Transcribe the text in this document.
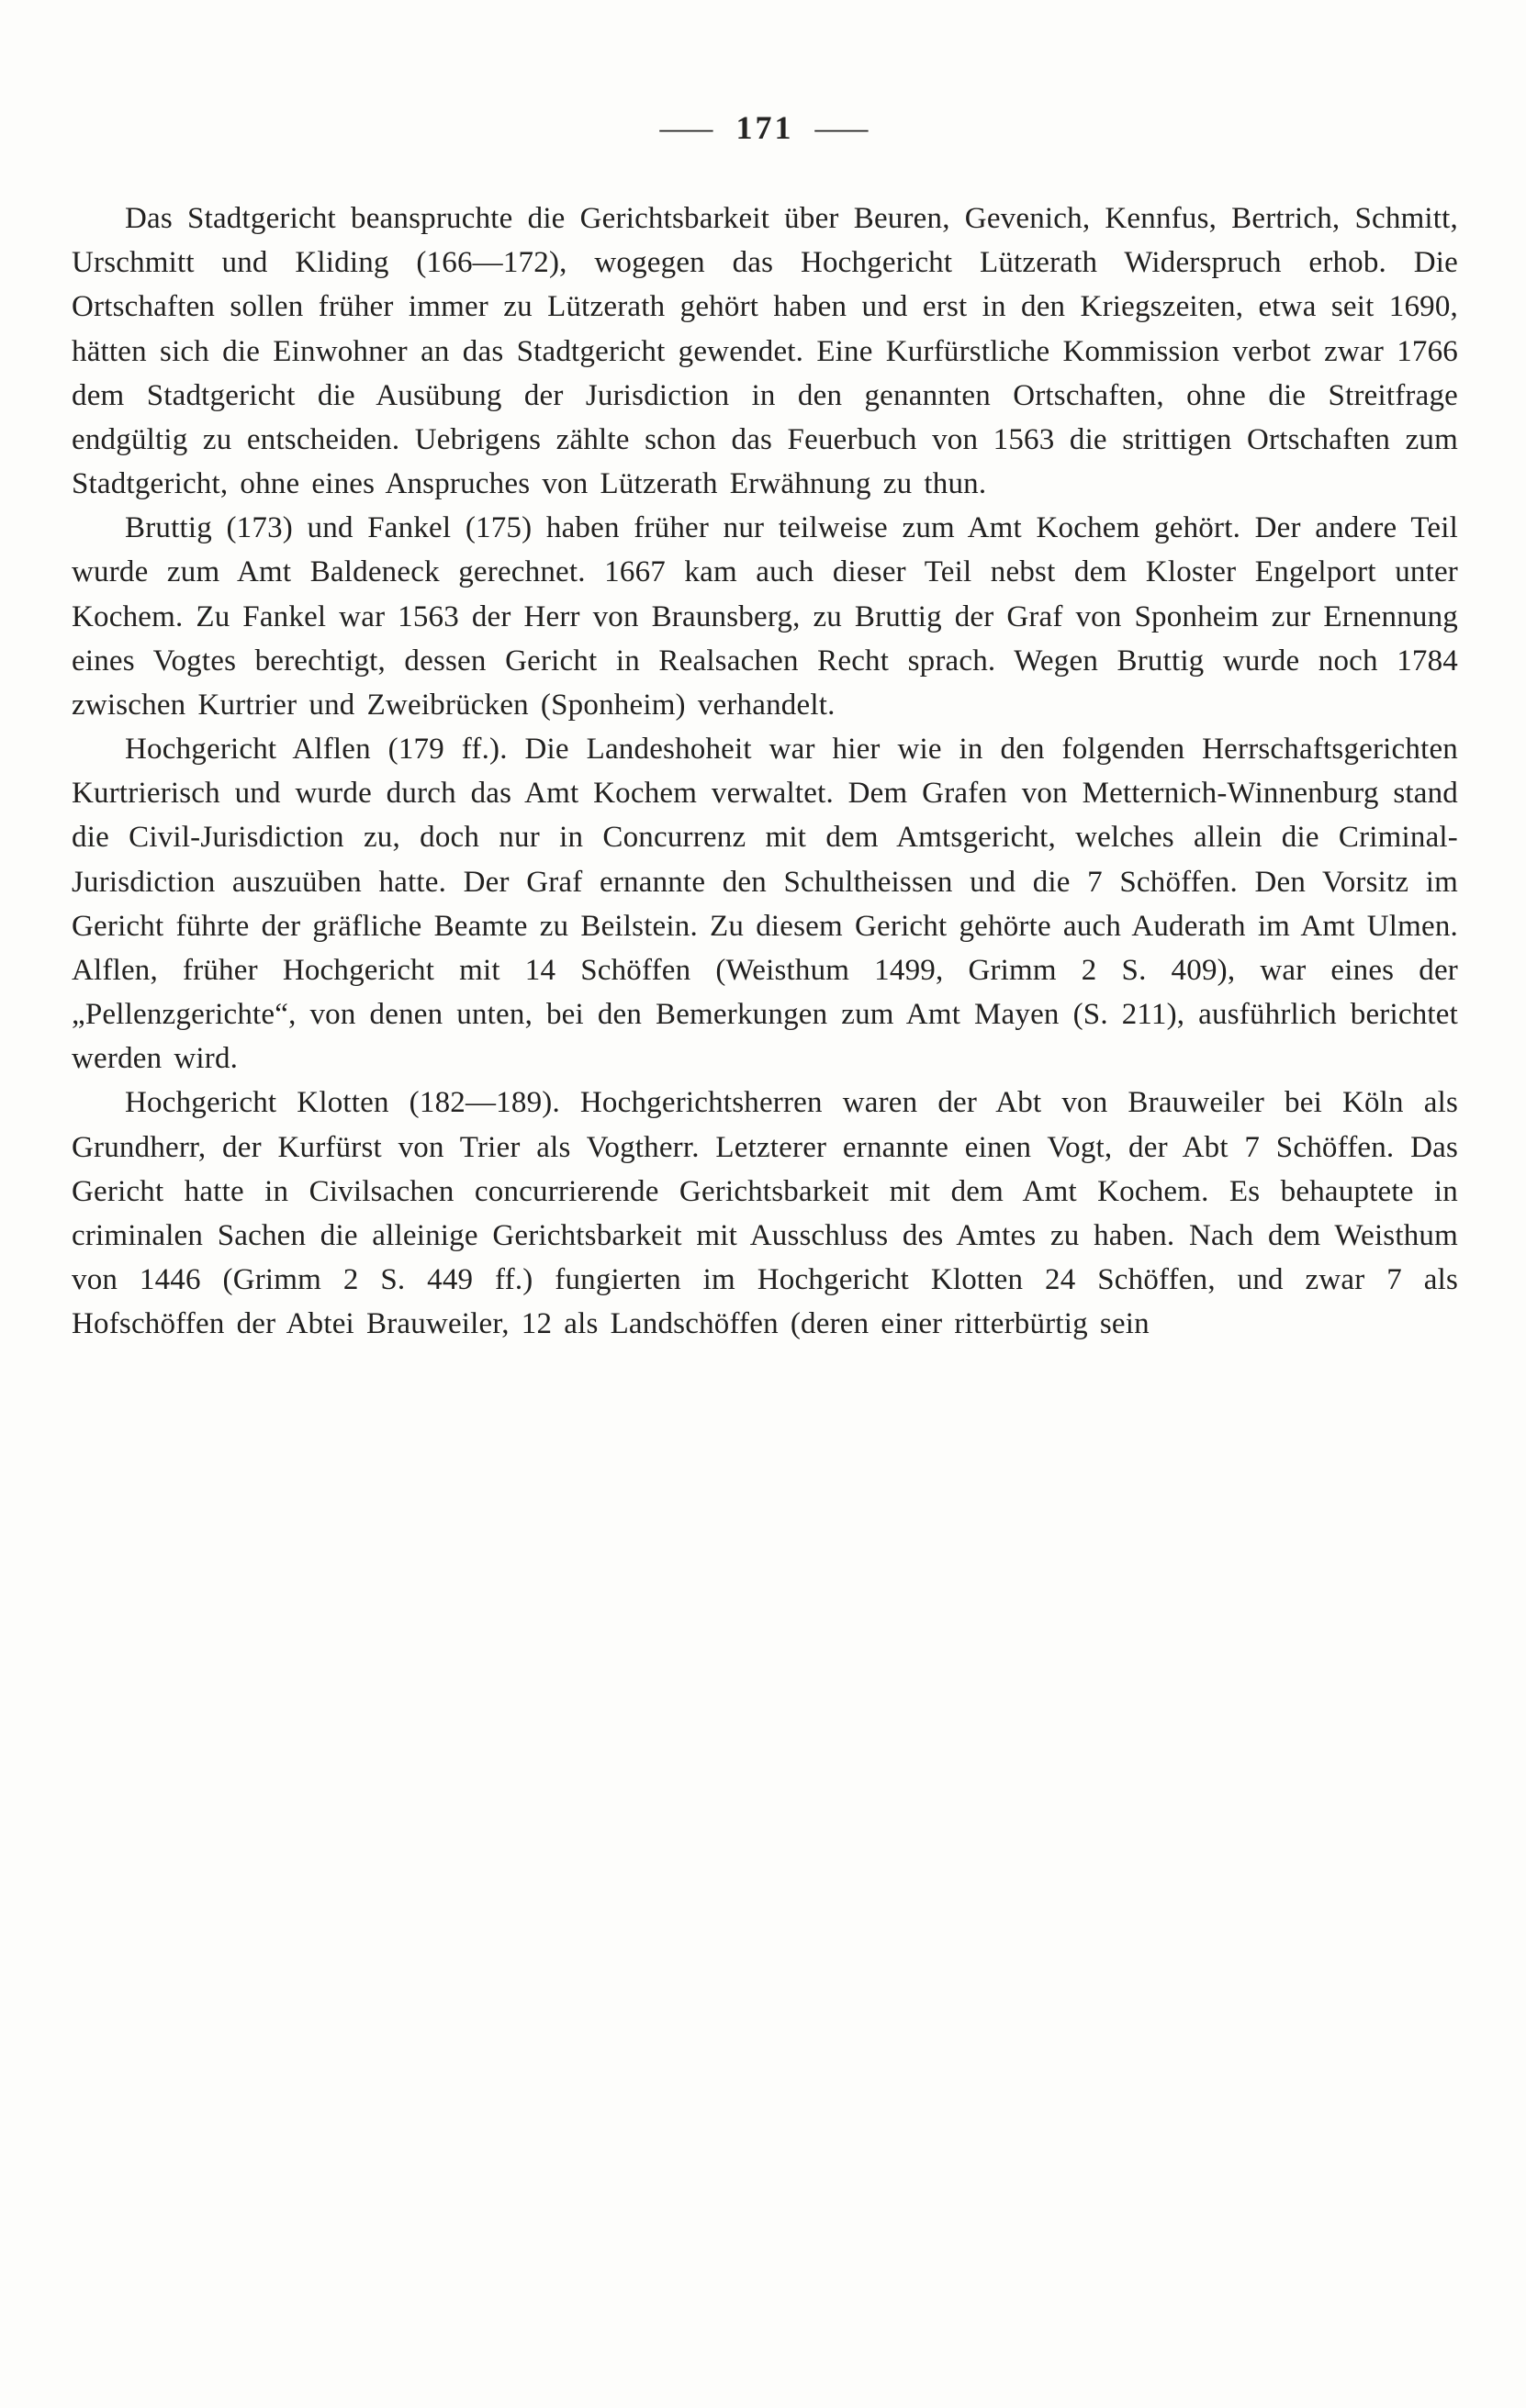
— 171 —

Das Stadtgericht beanspruchte die Gerichtsbarkeit über Beuren, Gevenich, Kennfus, Bertrich, Schmitt, Urschmitt und Kliding (166—172), wogegen das Hochgericht Lützerath Widerspruch erhob. Die Ortschaften sollen früher immer zu Lützerath gehört haben und erst in den Kriegszeiten, etwa seit 1690, hätten sich die Einwohner an das Stadtgericht gewendet. Eine Kurfürstliche Kommission verbot zwar 1766 dem Stadtgericht die Ausübung der Jurisdiction in den genannten Ortschaften, ohne die Streitfrage endgültig zu entscheiden. Uebrigens zählte schon das Feuerbuch von 1563 die strittigen Ortschaften zum Stadtgericht, ohne eines Anspruches von Lützerath Erwähnung zu thun.

Bruttig (173) und Fankel (175) haben früher nur teilweise zum Amt Kochem gehört. Der andere Teil wurde zum Amt Baldeneck gerechnet. 1667 kam auch dieser Teil nebst dem Kloster Engelport unter Kochem. Zu Fankel war 1563 der Herr von Braunsberg, zu Bruttig der Graf von Sponheim zur Ernennung eines Vogtes berechtigt, dessen Gericht in Realsachen Recht sprach. Wegen Bruttig wurde noch 1784 zwischen Kurtrier und Zweibrücken (Sponheim) verhandelt.

Hochgericht Alflen (179 ff.). Die Landeshoheit war hier wie in den folgenden Herrschaftsgerichten Kurtrierisch und wurde durch das Amt Kochem verwaltet. Dem Grafen von Metternich-Winnenburg stand die Civil-Jurisdiction zu, doch nur in Concurrenz mit dem Amtsgericht, welches allein die Criminal-Jurisdiction auszuüben hatte. Der Graf ernannte den Schultheissen und die 7 Schöffen. Den Vorsitz im Gericht führte der gräfliche Beamte zu Beilstein. Zu diesem Gericht gehörte auch Auderath im Amt Ulmen. Alflen, früher Hochgericht mit 14 Schöffen (Weisthum 1499, Grimm 2 S. 409), war eines der „Pellenzgerichte“, von denen unten, bei den Bemerkungen zum Amt Mayen (S. 211), ausführlich berichtet werden wird.

Hochgericht Klotten (182—189). Hochgerichtsherren waren der Abt von Brauweiler bei Köln als Grundherr, der Kurfürst von Trier als Vogtherr. Letzterer ernannte einen Vogt, der Abt 7 Schöffen. Das Gericht hatte in Civilsachen concurrierende Gerichtsbarkeit mit dem Amt Kochem. Es behauptete in criminalen Sachen die alleinige Gerichtsbarkeit mit Ausschluss des Amtes zu haben. Nach dem Weisthum von 1446 (Grimm 2 S. 449 ff.) fungierten im Hochgericht Klotten 24 Schöffen, und zwar 7 als Hofschöffen der Abtei Brauweiler, 12 als Landschöffen (deren einer ritterbürtig sein
